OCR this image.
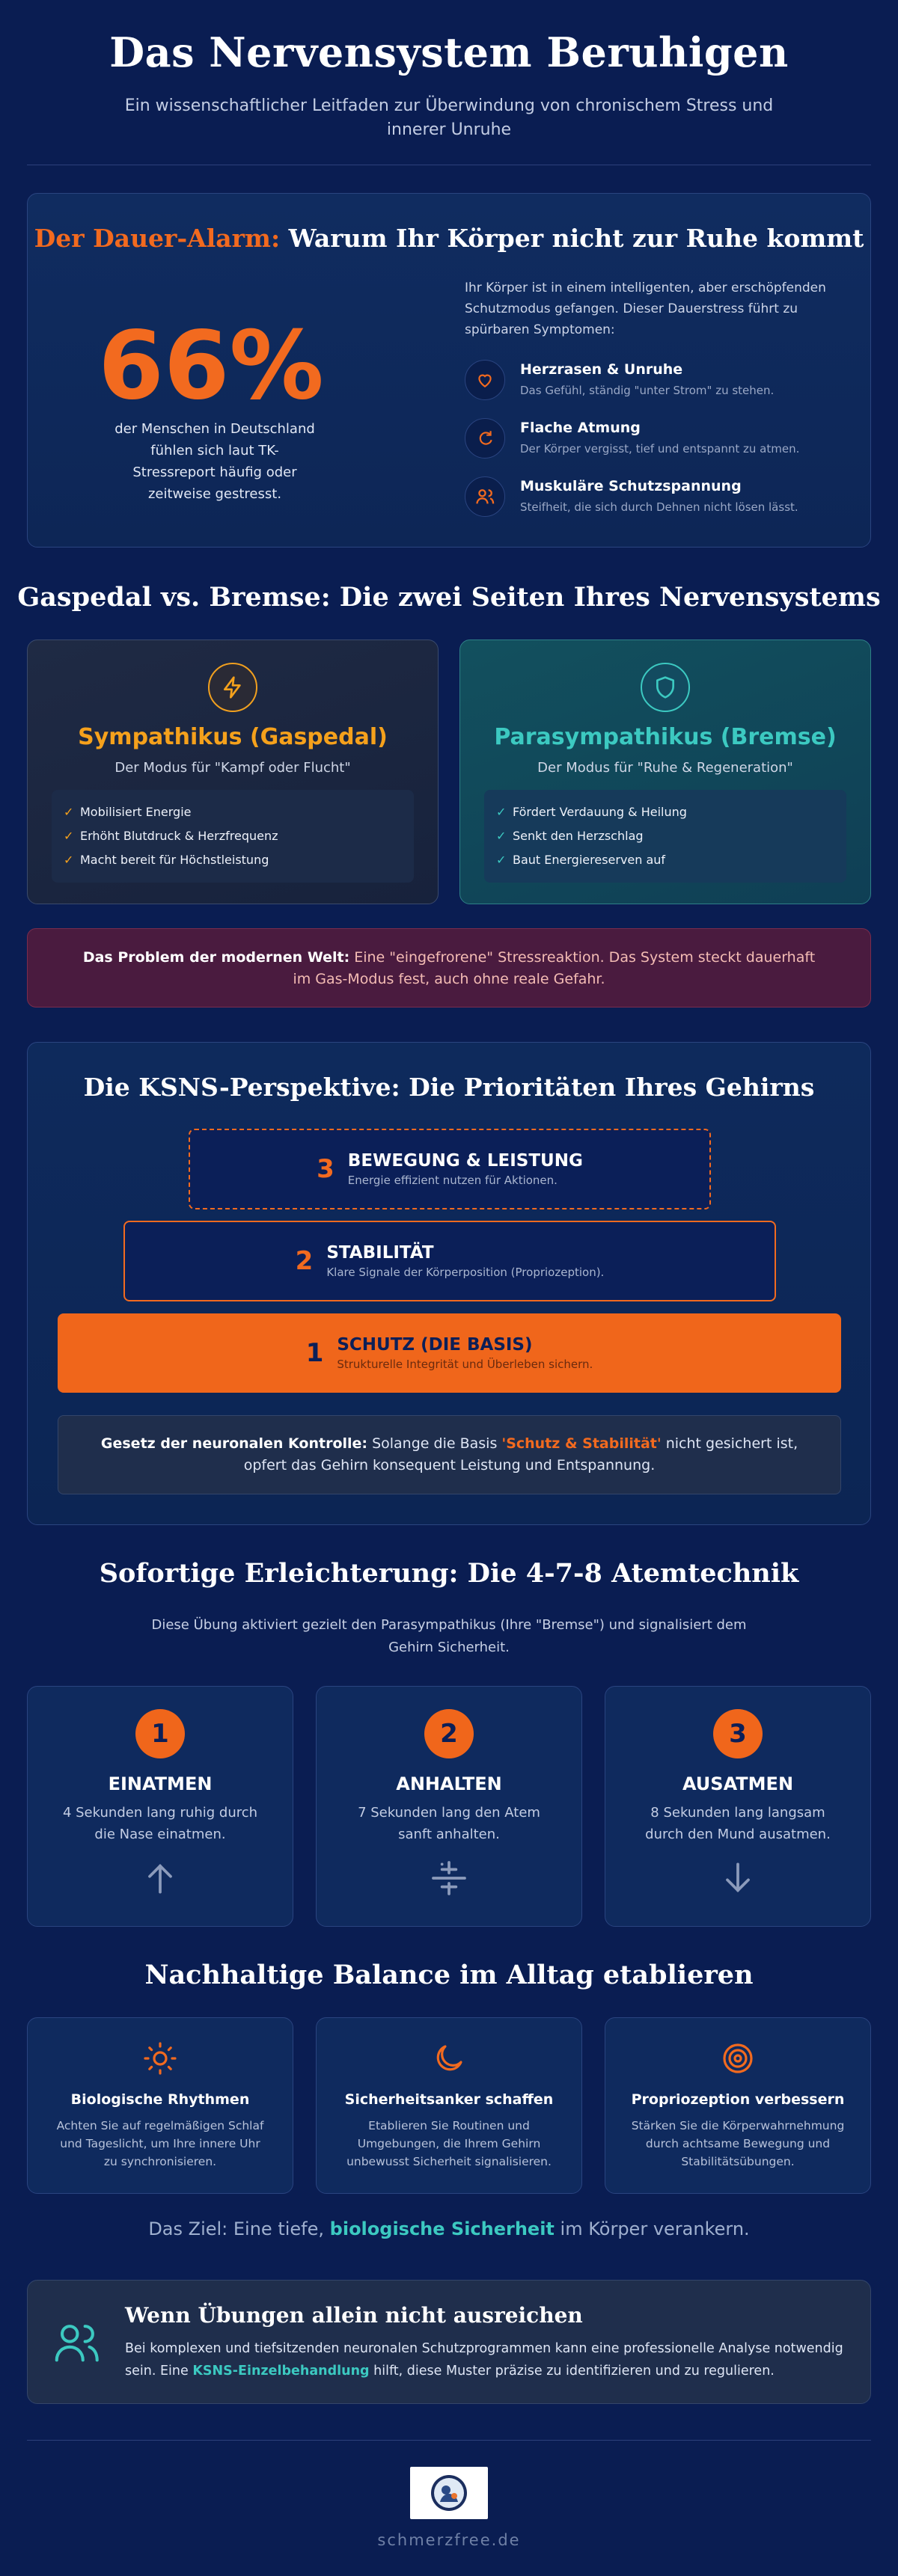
Das Nervensystem Beruhigen

Ein wissenschaftlicher Leitfaden zur Überwindung von chronischem Stress und innerer Unruhe

Der Dauer-Alarm: Warum Ihr Körper nicht zur Ruhe kommt
66%
der Menschen in Deutschland fühlen sich laut TK-Stressreport häufig oder zeitweise gestresst.
Ihr Körper ist in einem intelligenten, aber erschöpfenden Schutzmodus gefangen. Dieser Dauerstress führt zu spürbaren Symptomen:
Herzrasen & Unruhe
Das Gefühl, ständig "unter Strom" zu stehen.
Flache Atmung
Der Körper vergisst, tief und entspannt zu atmen.
Muskuläre Schutzspannung
Steifheit, die sich durch Dehnen nicht lösen lässt.
Gaspedal vs. Bremse: Die zwei Seiten Ihres Nervensystems
Sympathikus (Gaspedal)
Der Modus für "Kampf oder Flucht"
✓ Mobilisiert Energie
✓ Erhöht Blutdruck & Herzfrequenz
✓ Macht bereit für Höchstleistung
Parasympathikus (Bremse)
Der Modus für "Ruhe & Regeneration"
✓ Fördert Verdauung & Heilung
✓ Senkt den Herzschlag
✓ Baut Energiereserven auf
Das Problem der modernen Welt: Eine "eingefrorene" Stressreaktion. Das System steckt dauerhaft im Gas-Modus fest, auch ohne reale Gefahr.
Die KSNS-Perspektive: Die Prioritäten Ihres Gehirns
3 BEWEGUNG & LEISTUNG
Energie effizient nutzen für Aktionen.
2 STABILITÄT
Klare Signale der Körperposition (Propriozeption).
1 SCHUTZ (DIE BASIS)
Strukturelle Integrität und Überleben sichern.
Gesetz der neuronalen Kontrolle: Solange die Basis 'Schutz & Stabilität' nicht gesichert ist, opfert das Gehirn konsequent Leistung und Entspannung.
Sofortige Erleichterung: Die 4-7-8 Atemtechnik
Diese Übung aktiviert gezielt den Parasympathikus (Ihre "Bremse") und signalisiert dem Gehirn Sicherheit.
1
EINATMEN
4 Sekunden lang ruhig durch die Nase einatmen.
2
ANHALTEN
7 Sekunden lang den Atem sanft anhalten.
3
AUSATMEN
8 Sekunden lang langsam durch den Mund ausatmen.
Nachhaltige Balance im Alltag etablieren
Biologische Rhythmen
Achten Sie auf regelmäßigen Schlaf und Tageslicht, um Ihre innere Uhr zu synchronisieren.
Sicherheitsanker schaffen
Etablieren Sie Routinen und Umgebungen, die Ihrem Gehirn unbewusst Sicherheit signalisieren.
Propriozeption verbessern
Stärken Sie die Körperwahrnehmung durch achtsame Bewegung und Stabilitätsübungen.
Das Ziel: Eine tiefe, biologische Sicherheit im Körper verankern.
Wenn Übungen allein nicht ausreichen
Bei komplexen und tiefsitzenden neuronalen Schutzprogrammen kann eine professionelle Analyse notwendig sein. Eine KSNS-Einzelbehandlung hilft, diese Muster präzise zu identifizieren und zu regulieren.
schmerzfree.de
